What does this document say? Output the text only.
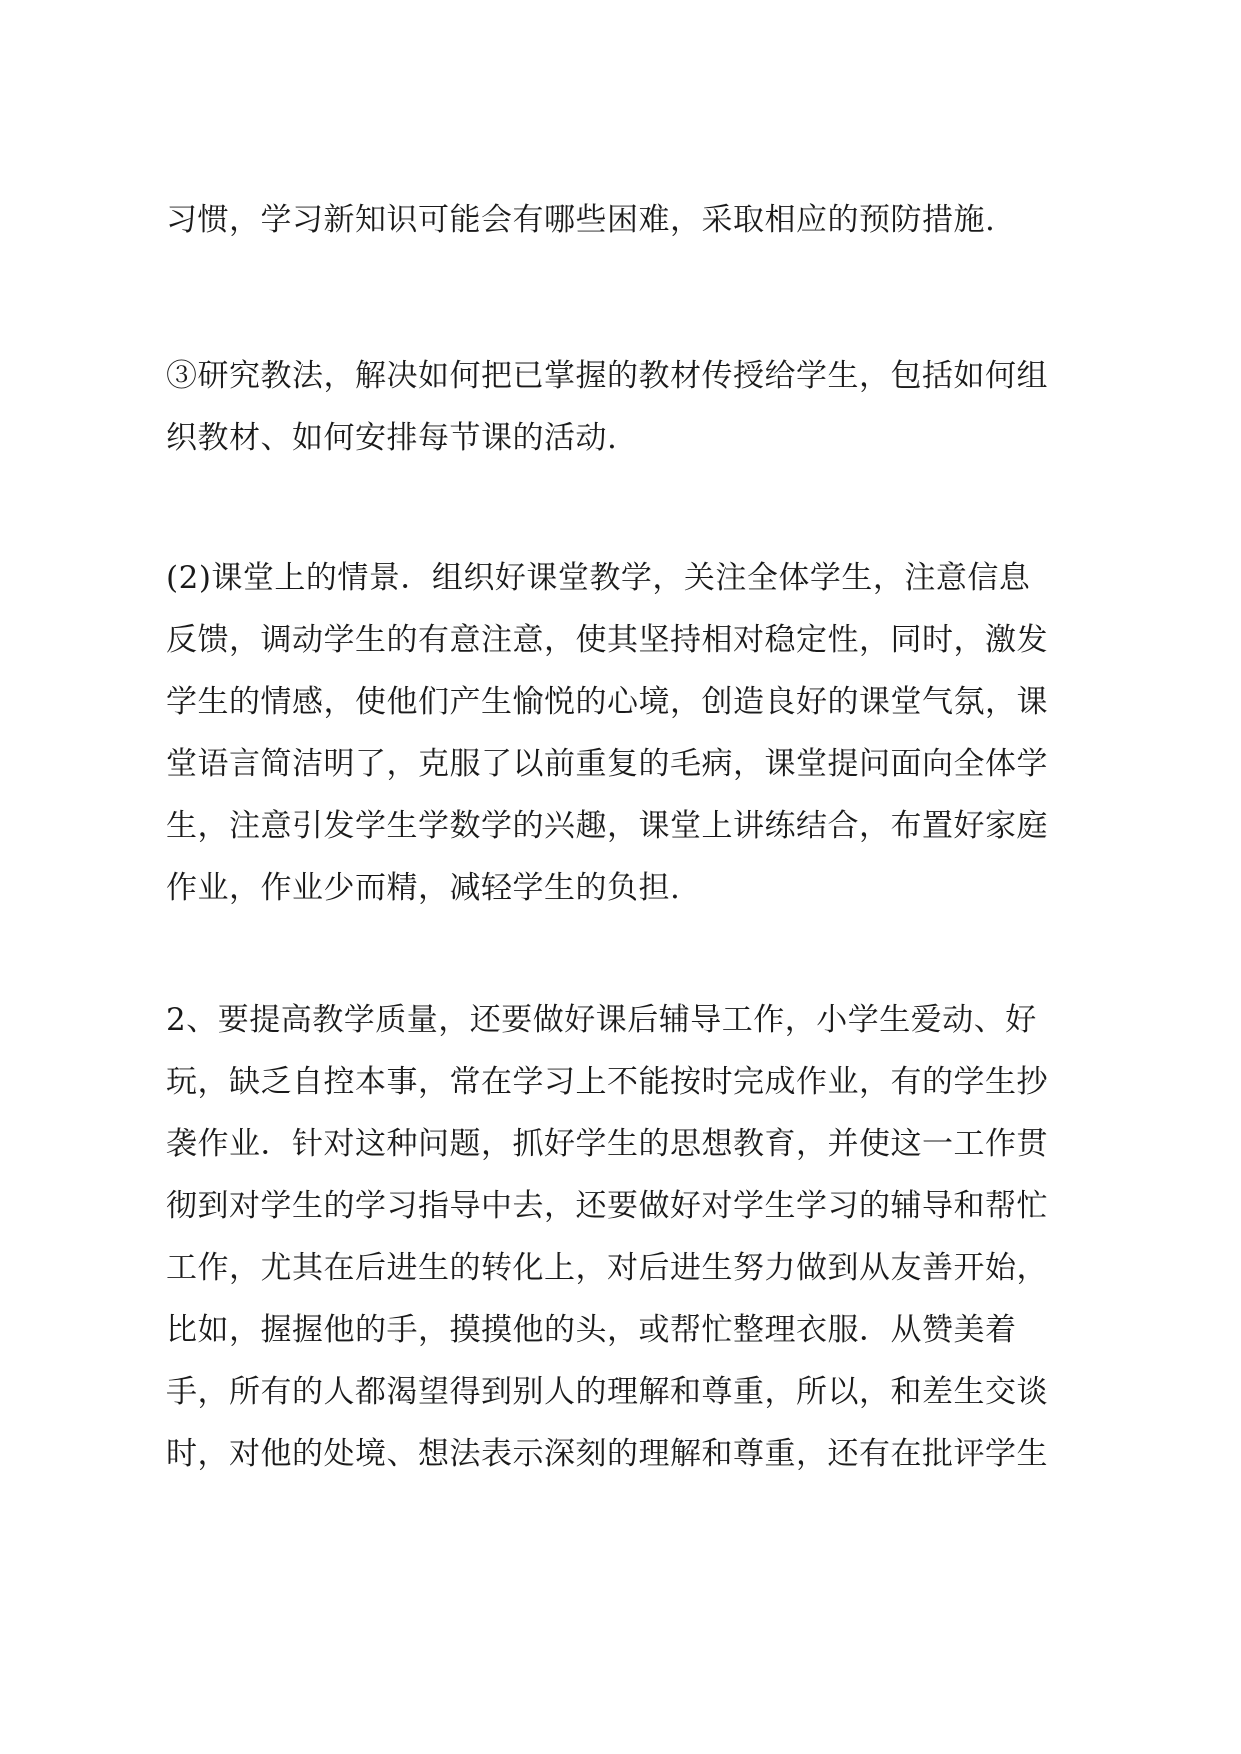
习惯，学习新知识可能会有哪些困难，采取相应的预防措施.
③研究教法，解决如何把已掌握的教材传授给学生，包括如何组
织教材、如何安排每节课的活动.
(2)课堂上的情景．组织好课堂教学，关注全体学生，注意信息
反馈，调动学生的有意注意，使其坚持相对稳定性，同时，激发
学生的情感，使他们产生愉悦的心境，创造良好的课堂气氛，课
堂语言简洁明了，克服了以前重复的毛病，课堂提问面向全体学
生，注意引发学生学数学的兴趣，课堂上讲练结合，布置好家庭
作业，作业少而精，减轻学生的负担.
2、要提高教学质量，还要做好课后辅导工作，小学生爱动、好
玩，缺乏自控本事，常在学习上不能按时完成作业，有的学生抄
袭作业．针对这种问题，抓好学生的思想教育，并使这一工作贯
彻到对学生的学习指导中去，还要做好对学生学习的辅导和帮忙
工作，尤其在后进生的转化上，对后进生努力做到从友善开始，
比如，握握他的手，摸摸他的头，或帮忙整理衣服．从赞美着
手，所有的人都渴望得到别人的理解和尊重，所以，和差生交谈
时，对他的处境、想法表示深刻的理解和尊重，还有在批评学生
